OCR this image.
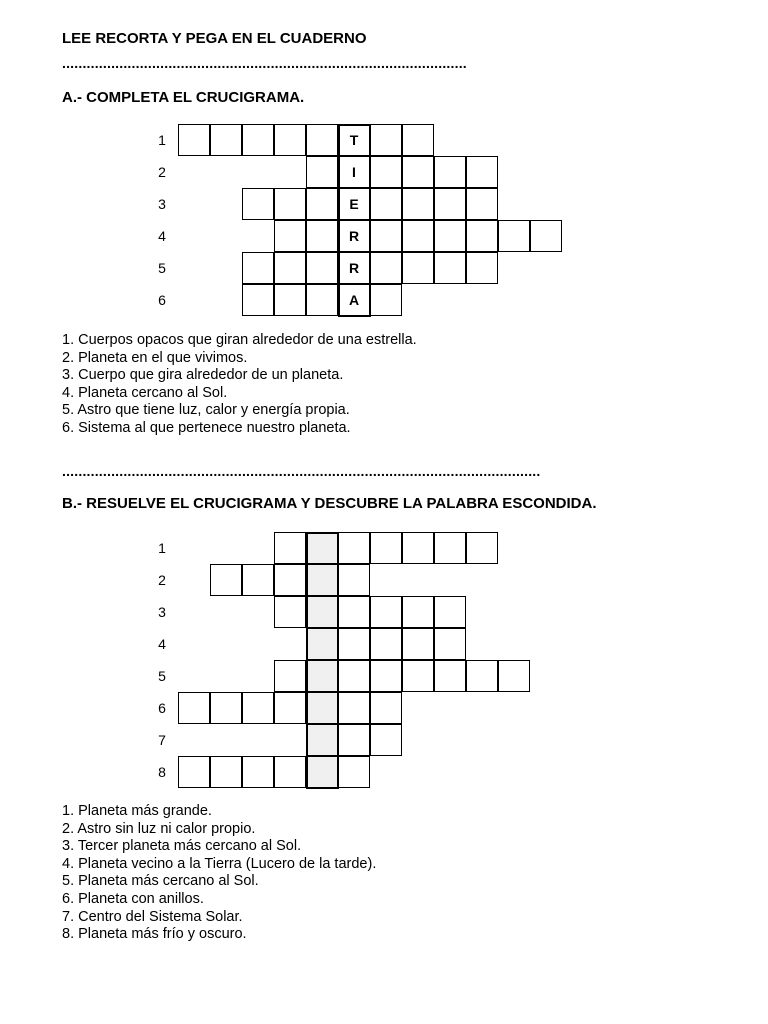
LEE RECORTA Y PEGA EN EL CUADERNO
...................................................................................................
A.- COMPLETA EL CRUCIGRAMA.
1	T
2	I
3	E
4	R
5	R
6	A
1. Cuerpos opacos que giran alrededor de una estrella.
2. Planeta en el que vivimos.
3. Cuerpo que gira alrededor de un planeta.
4. Planeta cercano al Sol.
5. Astro que tiene luz, calor y energía propia.
6. Sistema al que pertenece nuestro planeta.
.....................................................................................................................
B.- RESUELVE EL CRUCIGRAMA Y DESCUBRE LA PALABRA ESCONDIDA.
1
2
3
4
5
6
7
8
1. Planeta más grande.
2. Astro sin luz ni calor propio.
3. Tercer planeta más cercano al Sol.
4. Planeta vecino a la Tierra (Lucero de la tarde).
5. Planeta más cercano al Sol.
6. Planeta con anillos.
7. Centro del Sistema Solar.
8. Planeta más frío y oscuro.
